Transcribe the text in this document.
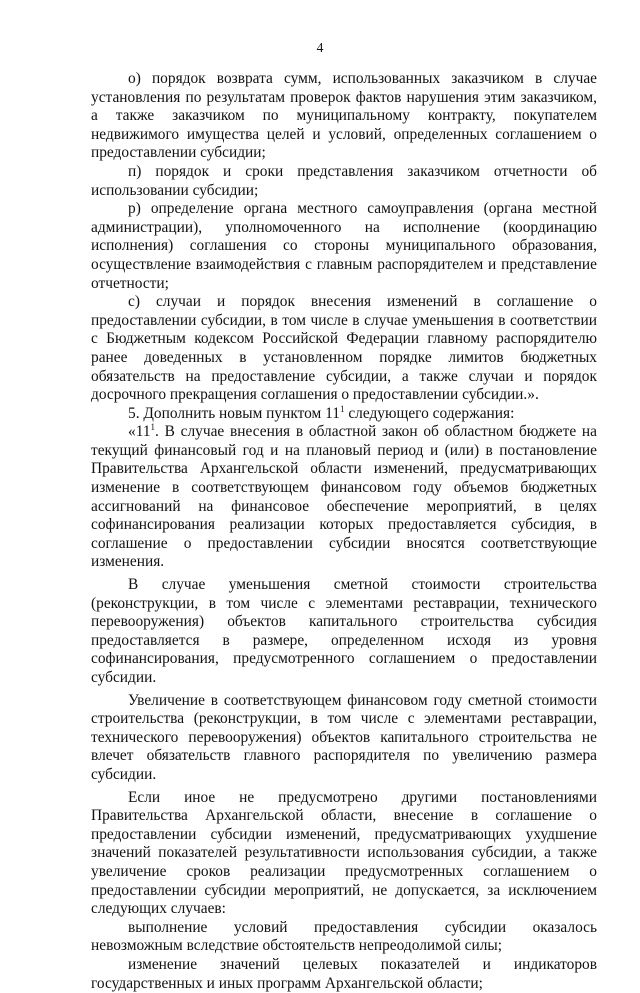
4

о) порядок возврата сумм, использованных заказчиком в случае установления по результатам проверок фактов нарушения этим заказчиком, а также заказчиком по муниципальному контракту, покупателем недвижимого имущества целей и условий, определенных соглашением о предоставлении субсидии;

п) порядок и сроки представления заказчиком отчетности об использовании субсидии;

р) определение органа местного самоуправления (органа местной администрации), уполномоченного на исполнение (координацию исполнения) соглашения со стороны муниципального образования, осуществление взаимодействия с главным распорядителем и представление отчетности;

с) случаи и порядок внесения изменений в соглашение о предоставлении субсидии, в том числе в случае уменьшения в соответствии с Бюджетным кодексом Российской Федерации главному распорядителю ранее доведенных в установленном порядке лимитов бюджетных обязательств на предоставление субсидии, а также случаи и порядок досрочного прекращения соглашения о предоставлении субсидии.».

5. Дополнить новым пунктом $11^1$ следующего содержания:

«$11^1$. В случае внесения в областной закон об областном бюджете на текущий финансовый год и на плановый период и (или) в постановление Правительства Архангельской области изменений, предусматривающих изменение в соответствующем финансовом году объемов бюджетных ассигнований на финансовое обеспечение мероприятий, в целях софинансирования реализации которых предоставляется субсидия, в соглашение о предоставлении субсидии вносятся соответствующие изменения.

В случае уменьшения сметной стоимости строительства (реконструкции, в том числе с элементами реставрации, технического перевооружения) объектов капитального строительства субсидия предоставляется в размере, определенном исходя из уровня софинансирования, предусмотренного соглашением о предоставлении субсидии.

Увеличение в соответствующем финансовом году сметной стоимости строительства (реконструкции, в том числе с элементами реставрации, технического перевооружения) объектов капитального строительства не влечет обязательств главного распорядителя по увеличению размера субсидии.

Если иное не предусмотрено другими постановлениями Правительства Архангельской области, внесение в соглашение о предоставлении субсидии изменений, предусматривающих ухудшение значений показателей результативности использования субсидии, а также увеличение сроков реализации предусмотренных соглашением о предоставлении субсидии мероприятий, не допускается, за исключением следующих случаев:

выполнение условий предоставления субсидии оказалось невозможным вследствие обстоятельств непреодолимой силы;

изменение значений целевых показателей и индикаторов государственных и иных программ Архангельской области;
